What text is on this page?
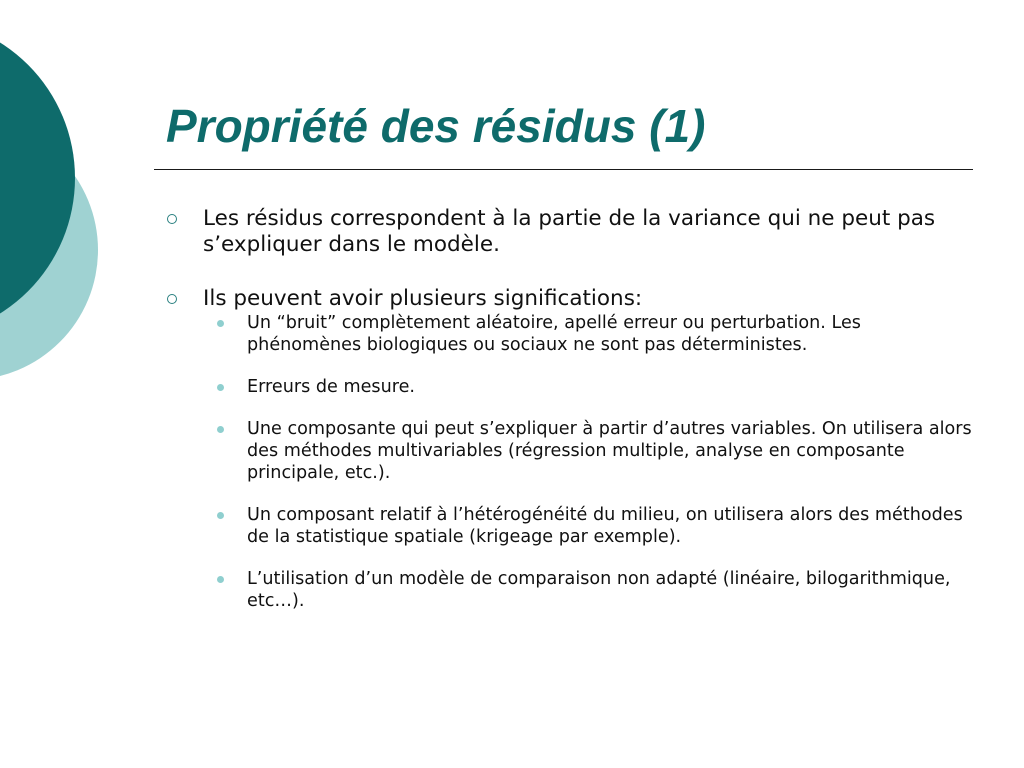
Propriété des résidus (1)
Les résidus correspondent à la partie de la variance qui ne peut pas s’expliquer dans le modèle.
Ils peuvent avoir plusieurs significations:
Un “bruit” complètement aléatoire, apellé erreur ou perturbation. Les phénomènes biologiques ou sociaux ne sont pas déterministes.
Erreurs de mesure.
Une composante qui peut s’expliquer à partir d’autres variables. On utilisera alors des méthodes multivariables (régression multiple, analyse en composante principale, etc.).
Un composant relatif à l’hétérogénéité du milieu, on utilisera alors des méthodes de la statistique spatiale (krigeage par exemple).
L’utilisation d’un modèle de comparaison non adapté (linéaire, bilogarithmique, etc…).
